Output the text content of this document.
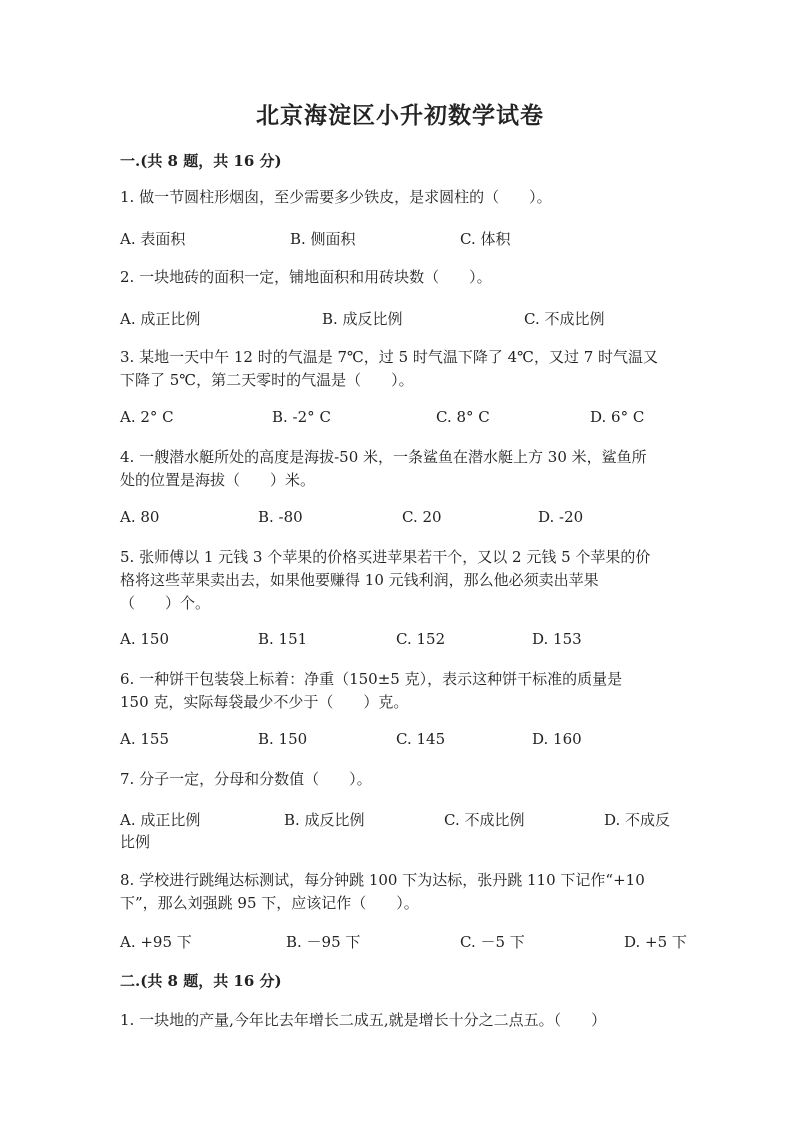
北京海淀区小升初数学试卷
一.(共 8 题，共 16 分)
1. 做一节圆柱形烟囱，至少需要多少铁皮，是求圆柱的（　　）。
A. 表面积	B. 侧面积	C. 体积
2. 一块地砖的面积一定，铺地面积和用砖块数（　　）。
A. 成正比例	B. 成反比例	C. 不成比例
3. 某地一天中午 12 时的气温是 7℃，过 5 时气温下降了 4℃，又过 7 时气温又
下降了 5℃，第二天零时的气温是（　　）。
A. 2° C	B. -2° C	C. 8° C	D. 6° C
4. 一艘潜水艇所处的高度是海拔-50 米，一条鲨鱼在潜水艇上方 30 米，鲨鱼所
处的位置是海拔（　　）米。
A. 80	B. -80	C. 20	D. -20
5. 张师傅以 1 元钱 3 个苹果的价格买进苹果若干个，又以 2 元钱 5 个苹果的价
格将这些苹果卖出去，如果他要赚得 10 元钱利润，那么他必须卖出苹果
（　　）个。
A. 150	B. 151	C. 152	D. 153
6. 一种饼干包装袋上标着：净重（150±5 克），表示这种饼干标准的质量是
150 克，实际每袋最少不少于（　　）克。
A. 155	B. 150	C. 145	D. 160
7. 分子一定，分母和分数值（　　）。
A. 成正比例	B. 成反比例	C. 不成比例	D. 不成反
比例
8. 学校进行跳绳达标测试，每分钟跳 100 下为达标，张丹跳 110 下记作“+10
下”，那么刘强跳 95 下，应该记作（　　）。
A. +95 下	B. －95 下	C. －5 下	D. +5 下
二.(共 8 题，共 16 分)
1. 一块地的产量,今年比去年增长二成五,就是增长十分之二点五。（　　）
